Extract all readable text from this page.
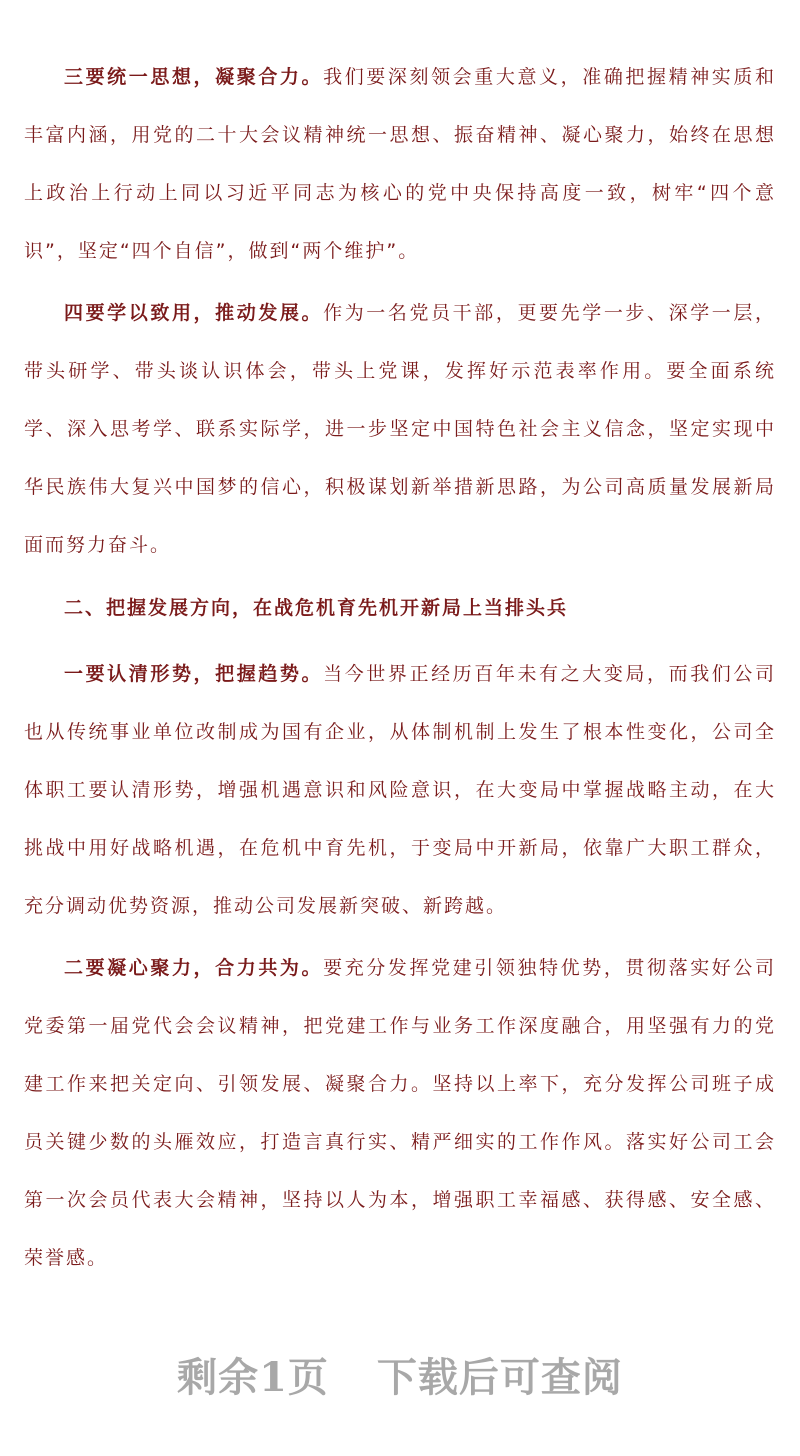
三要统一思想，凝聚合力。我们要深刻领会重大意义，准确把握精神实质和丰富内涵，用党的二十大会议精神统一思想、振奋精神、凝心聚力，始终在思想上政治上行动上同以习近平同志为核心的党中央保持高度一致，树牢“四个意识”，坚定“四个自信”，做到“两个维护”。

四要学以致用，推动发展。作为一名党员干部，更要先学一步、深学一层，带头研学、带头谈认识体会，带头上党课，发挥好示范表率作用。要全面系统学、深入思考学、联系实际学，进一步坚定中国特色社会主义信念，坚定实现中华民族伟大复兴中国梦的信心，积极谋划新举措新思路，为公司高质量发展新局面而努力奋斗。

二、把握发展方向，在战危机育先机开新局上当排头兵

一要认清形势，把握趋势。当今世界正经历百年未有之大变局，而我们公司也从传统事业单位改制成为国有企业，从体制机制上发生了根本性变化，公司全体职工要认清形势，增强机遇意识和风险意识，在大变局中掌握战略主动，在大挑战中用好战略机遇，在危机中育先机，于变局中开新局，依靠广大职工群众，充分调动优势资源，推动公司发展新突破、新跨越。

二要凝心聚力，合力共为。要充分发挥党建引领独特优势，贯彻落实好公司党委第一届党代会会议精神，把党建工作与业务工作深度融合，用坚强有力的党建工作来把关定向、引领发展、凝聚合力。坚持以上率下，充分发挥公司班子成员关键少数的头雁效应，打造言真行实、精严细实的工作作风。落实好公司工会第一次会员代表大会精神，坚持以人为本，增强职工幸福感、获得感、安全感、荣誉感。

剩余1页 下载后可查阅
